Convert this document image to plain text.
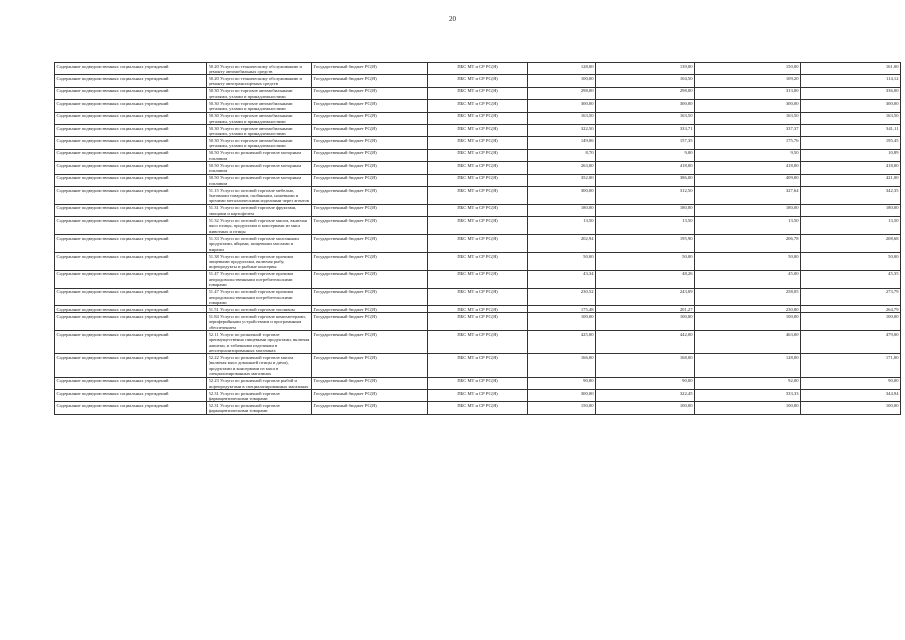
20
Содержание подведомственных социальных учреждений	50.20 Услуги по техническому обслуживанию и ремонту автомобильных средств	Государственный бюджет РС(Я)	ПБС МТ и СР РС(Я)	128,00	139,00	150,00	161,00
Содержание подведомственных социальных учреждений	50.20 Услуги по техническому обслуживанию и ремонту автотранспортных средств	Государственный бюджет РС(Я)	ПБС МТ и СР РС(Я)	100,00	104,50	109,20	114,12
Содержание подведомственных социальных учреждений	50.30 Услуги по торговле автомобильными деталями, узлами и принадлежностями	Государственный бюджет РС(Я)	ПБС МТ и СР РС(Я)	298,00	298,00	313,00	336,00
Содержание подведомственных социальных учреждений	50.30 Услуги по торговле автомобильными деталями, узлами и принадлежностями	Государственный бюджет РС(Я)	ПБС МТ и СР РС(Я)	300,00	300,00	300,00	300,00
Содержание подведомственных социальных учреждений	50.30 Услуги по торговле автомобильными деталями, узлами и принадлежностями	Государственный бюджет РС(Я)	ПБС МТ и СР РС(Я)	163,50	163,50	163,50	163,50
Содержание подведомственных социальных учреждений	50.30 Услуги по торговле автомобильными деталями, узлами и принадлежностями	Государственный бюджет РС(Я)	ПБС МТ и СР РС(Я)	322,50	333,71	337,37	341,11
Содержание подведомственных социальных учреждений	50.30 Услуги по торговле автомобильными деталями, узлами и принадлежностями	Государственный бюджет РС(Я)	ПБС МТ и СР РС(Я)	149,06	157,35	175,76	195,45
Содержание подведомственных социальных учреждений	50.50 Услуги по розничной торговле моторным топливом	Государственный бюджет РС(Я)	ПБС МТ и СР РС(Я)	8,70	9,00	9,50	10,89
Содержание подведомственных социальных учреждений	50.50 Услуги по розничной торговле моторным топливом	Государственный бюджет РС(Я)	ПБС МТ и СР РС(Я)	263,00	418,00	418,00	418,00
Содержание подведомственных социальных учреждений	50.50 Услуги по розничной торговле моторным топливом	Государственный бюджет РС(Я)	ПБС МТ и СР РС(Я)	352,00	386,00	409,00	421,00
Содержание подведомственных социальных учреждений	51.15 Услуги по оптовой торговле мебелью, бытовыми товарами, скобяными, ножевыми и прочими металлическими изделиями через агентов	Государственный бюджет РС(Я)	ПБС МТ и СР РС(Я)	300,00	312,50	327,64	342,35
Содержание подведомственных социальных учреждений	51.31 Услуги по оптовой торговле фруктами, овощами и картофелем	Государственный бюджет РС(Я)	ПБС МТ и СР РС(Я)	180,00	180,00	180,00	180,00
Содержание подведомственных социальных учреждений	51.32 Услуги по оптовой торговле мясом, включая мясо птицы, продуктами и консервами из мяса животных и птицы	Государственный бюджет РС(Я)	ПБС МТ и СР РС(Я)	13,50	13,50	13,50	13,50
Содержание подведомственных социальных учреждений	51.33 Услуги по оптовой торговле молочными продуктами, яйцами, пищевыми маслами и жирами	Государственный бюджет РС(Я)	ПБС МТ и СР РС(Я)	202,94	195,90	206,78	208,68
Содержание подведомственных социальных учреждений	51.38 Услуги по оптовой торговле прочими пищевыми продуктами, включая рыбу, морепродукты и рыбные консервы	Государственный бюджет РС(Я)	ПБС МТ и СР РС(Я)	50,00	50,00	50,00	50,00
Содержание подведомственных социальных учреждений	51.47 Услуги по оптовой торговле прочими непродовольственными потребительскими товарами	Государственный бюджет РС(Я)	ПБС МТ и СР РС(Я)	43,34	48,26	45,00	45,35
Содержание подведомственных социальных учреждений	51.47 Услуги по оптовой торговле прочими непродовольственными потребительскими товарами	Государственный бюджет РС(Я)	ПБС МТ и СР РС(Я)	230,52	243,09	258,05	273,79
Содержание подведомственных социальных учреждений	51.51 Услуги по оптовой торговле топливом	Государственный бюджет РС(Я)	ПБС МТ и СР РС(Я)	175,48	201,27	230,80	264,79
Содержание подведомственных социальных учреждений	51.84 Услуги по оптовой торговле компьютерами, периферийными устройствами и программным обеспечением	Государственный бюджет РС(Я)	ПБС МТ и СР РС(Я)	100,00	100,00	100,00	100,00
Содержание подведомственных социальных учреждений	52.11 Услуги по розничной торговле преимущественно пищевыми продуктами, включая напитки, и табачными изделиями в неспециализированных магазинах	Государственный бюджет РС(Я)	ПБС МТ и СР РС(Я)	425,00	442,00	463,00	479,00
Содержание подведомственных социальных учреждений	52.22 Услуги по розничной торговле мясом (включая мясо домашней птицы и дичи), продуктами и консервами из мяса в специализированных магазинах	Государственный бюджет РС(Я)	ПБС МТ и СР РС(Я)	166,00	168,00	128,00	171,00
Содержание подведомственных социальных учреждений	52.23 Услуги по розничной торговле рыбой и морепродуктами в специализированных магазинах	Государственный бюджет РС(Я)	ПБС МТ и СР РС(Я)	90,00	90,00	92,00	90,00
Содержание подведомственных социальных учреждений	52.31 Услуги по розничной торговле фармацевтическими товарами	Государственный бюджет РС(Я)	ПБС МТ и СР РС(Я)	300,00	322,45	333,33	344,94
Содержание подведомственных социальных учреждений	52.31 Услуги по розничной торговле фармацевтическими товарами	Государственный бюджет РС(Я)	ПБС МТ и СР РС(Я)	150,00	100,00	100,00	100,00
